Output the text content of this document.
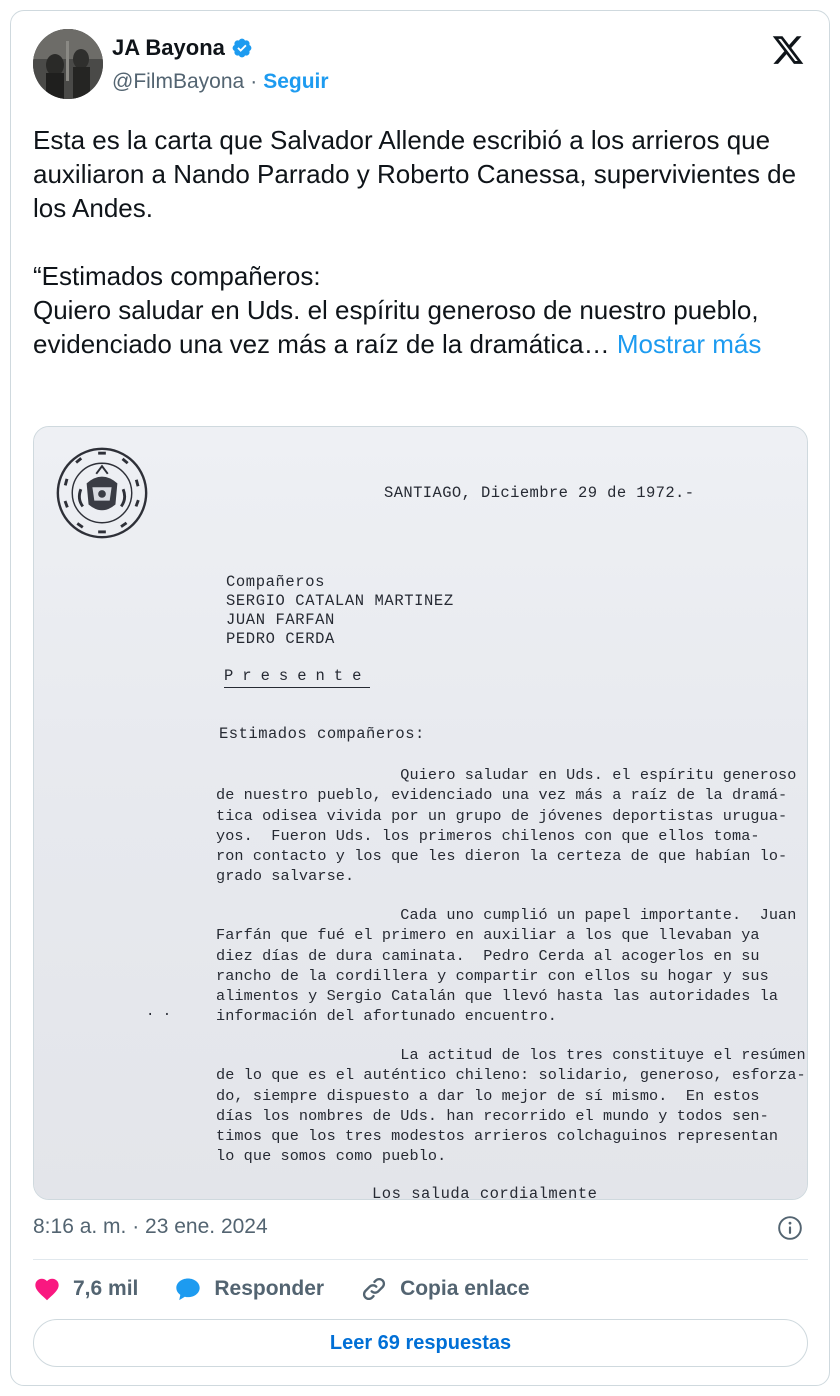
JA Bayona
@FilmBayona · Seguir
Esta es la carta que Salvador Allende escribió a los arrieros que auxiliaron a Nando Parrado y Roberto Canessa, supervivientes de los Andes.

“Estimados compañeros:
Quiero saludar en Uds. el espíritu generoso de nuestro pueblo, evidenciado una vez más a raíz de la dramática… Mostrar más
SANTIAGO, Diciembre 29 de 1972.-
Compañeros
SERGIO CATALAN MARTINEZ
JUAN FARFAN
PEDRO CERDA
Presente
Estimados compañeros:
Quiero saludar en Uds. el espíritu generoso
de nuestro pueblo, evidenciado una vez más a raíz de la dramá-
tica odisea vivida por un grupo de jóvenes deportistas urugua-
yos.  Fueron Uds. los primeros chilenos con que ellos toma-
ron contacto y los que les dieron la certeza de que habían lo-
grado salvarse.
Cada uno cumplió un papel importante.  Juan
Farfán que fué el primero en auxiliar a los que llevaban ya
diez días de dura caminata.  Pedro Cerda al acogerlos en su
rancho de la cordillera y compartir con ellos su hogar y sus
alimentos y Sergio Catalán que llevó hasta las autoridades la
información del afortunado encuentro.
La actitud de los tres constituye el resúmen
de lo que es el auténtico chileno: solidario, generoso, esforza-
do, siempre dispuesto a dar lo mejor de sí mismo.  En estos
días los nombres de Uds. han recorrido el mundo y todos sen-
timos que los tres modestos arrieros colchaguinos representan
lo que somos como pueblo.
· ·
Los saluda cordialmente
8:16 a. m. · 23 ene. 2024
7,6 mil	Responder	Copia enlace
Leer 69 respuestas
